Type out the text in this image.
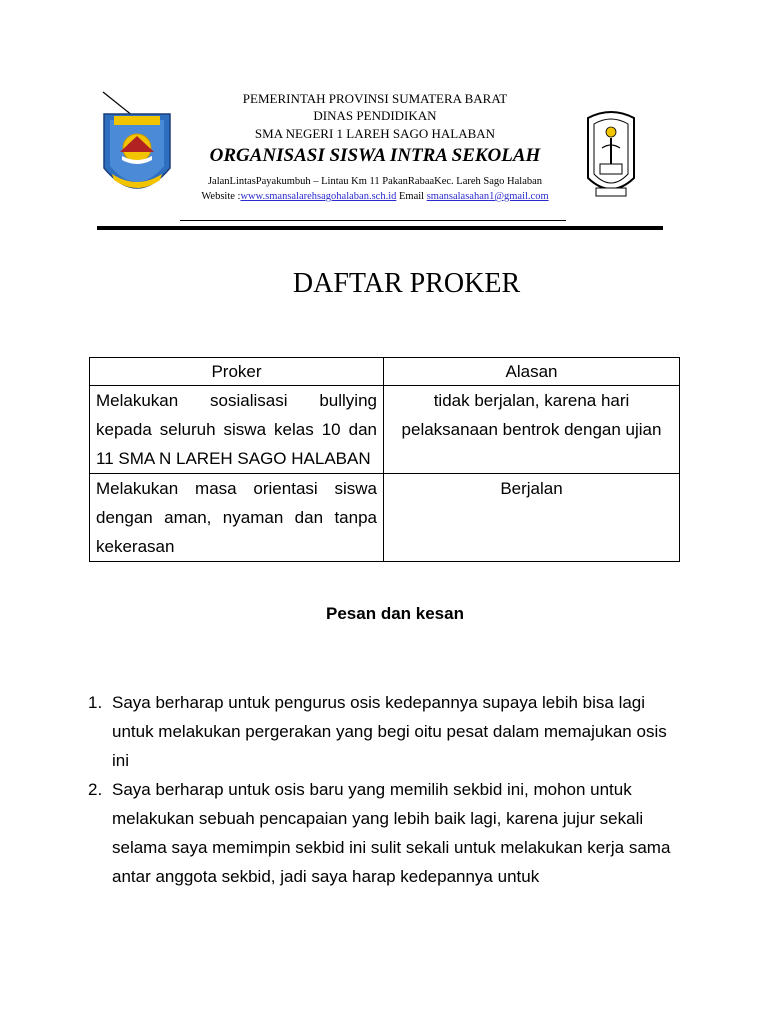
PEMERINTAH PROVINSI SUMATERA BARAT
DINAS PENDIDIKAN
SMA NEGERI 1 LAREH SAGO HALABAN
ORGANISASI SISWA INTRA SEKOLAH
JalanLintasPayakumbuh – Lintau Km 11 PakanRabaaKec. Lareh Sago Halaban
Website :www.smansalarehsagohalaban.sch.id Email smansalasahan1@gmail.com
DAFTAR PROKER
Proker	Alasan
Melakukan sosialisasi bullying kepada seluruh siswa kelas 10 dan 11 SMA N LAREH SAGO HALABAN	tidak berjalan, karena hari pelaksanaan bentrok dengan ujian
Melakukan masa orientasi siswa dengan aman, nyaman dan tanpa kekerasan	Berjalan
Pesan dan kesan
1. Saya berharap untuk pengurus osis kedepannya supaya lebih bisa lagi untuk melakukan pergerakan yang begi oitu pesat dalam memajukan osis ini
2. Saya berharap untuk osis baru yang memilih sekbid ini, mohon untuk melakukan sebuah pencapaian yang lebih baik lagi, karena jujur sekali selama saya memimpin sekbid ini sulit sekali untuk melakukan kerja sama antar anggota sekbid, jadi saya harap kedepannya untuk
